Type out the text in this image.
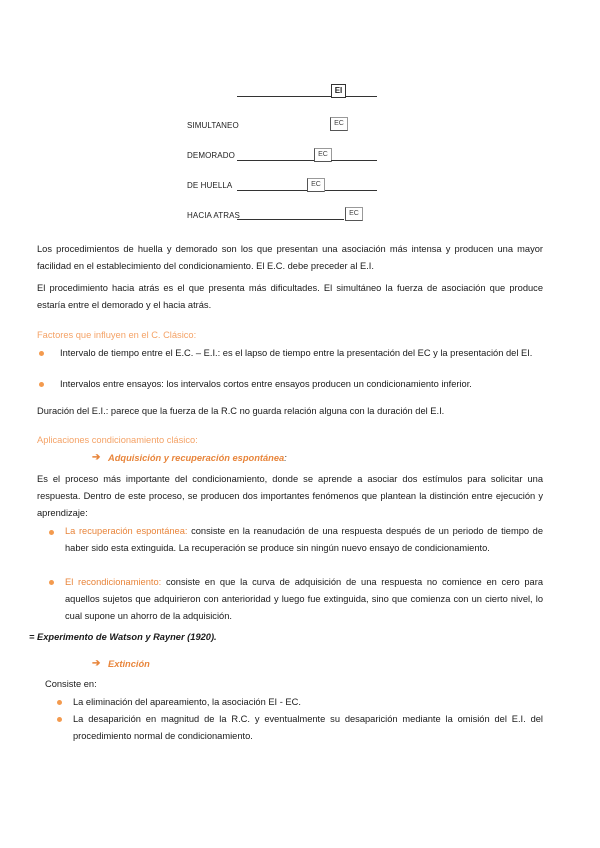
EI
SIMULTANEO	EC
DEMORADO	EC
DE HUELLA	EC
HACIA ATRAS	EC
Los procedimientos de huella y demorado son los que presentan una asociación más intensa y producen una mayor facilidad en el establecimiento del condicionamiento. El E.C. debe preceder al E.I.
El procedimiento hacia atrás es el que presenta más dificultades. El simultáneo la fuerza de asociación que produce estaría entre el demorado y el hacia atrás.
Factores que influyen en el C. Clásico:
Intervalo de tiempo entre el E.C. – E.I.: es el lapso de tiempo entre la presentación del EC y la presentación del EI.
Intervalos entre ensayos: los intervalos cortos entre ensayos producen un condicionamiento inferior.
Duración del E.I.: parece que la fuerza de la R.C no guarda relación alguna con la duración del E.I.
Aplicaciones condicionamiento clásico:
➔ Adquisición y recuperación espontánea:
Es el proceso más importante del condicionamiento, donde se aprende a asociar dos estímulos para solicitar una respuesta. Dentro de este proceso, se producen dos importantes fenómenos que plantean la distinción entre ejecución y aprendizaje:
La recuperación espontánea: consiste en la reanudación de una respuesta después de un periodo de tiempo de haber sido esta extinguida. La recuperación se produce sin ningún nuevo ensayo de condicionamiento.
El recondicionamiento: consiste en que la curva de adquisición de una respuesta no comience en cero para aquellos sujetos que adquirieron con anterioridad y luego fue extinguida, sino que comienza con un cierto nivel, lo cual supone un ahorro de la adquisición.
= Experimento de Watson y Rayner (1920).
➔ Extinción
Consiste en:
La eliminación del apareamiento, la asociación EI - EC.
La desaparición en magnitud de la R.C. y eventualmente su desaparición mediante la omisión del E.I. del procedimiento normal de condicionamiento.
